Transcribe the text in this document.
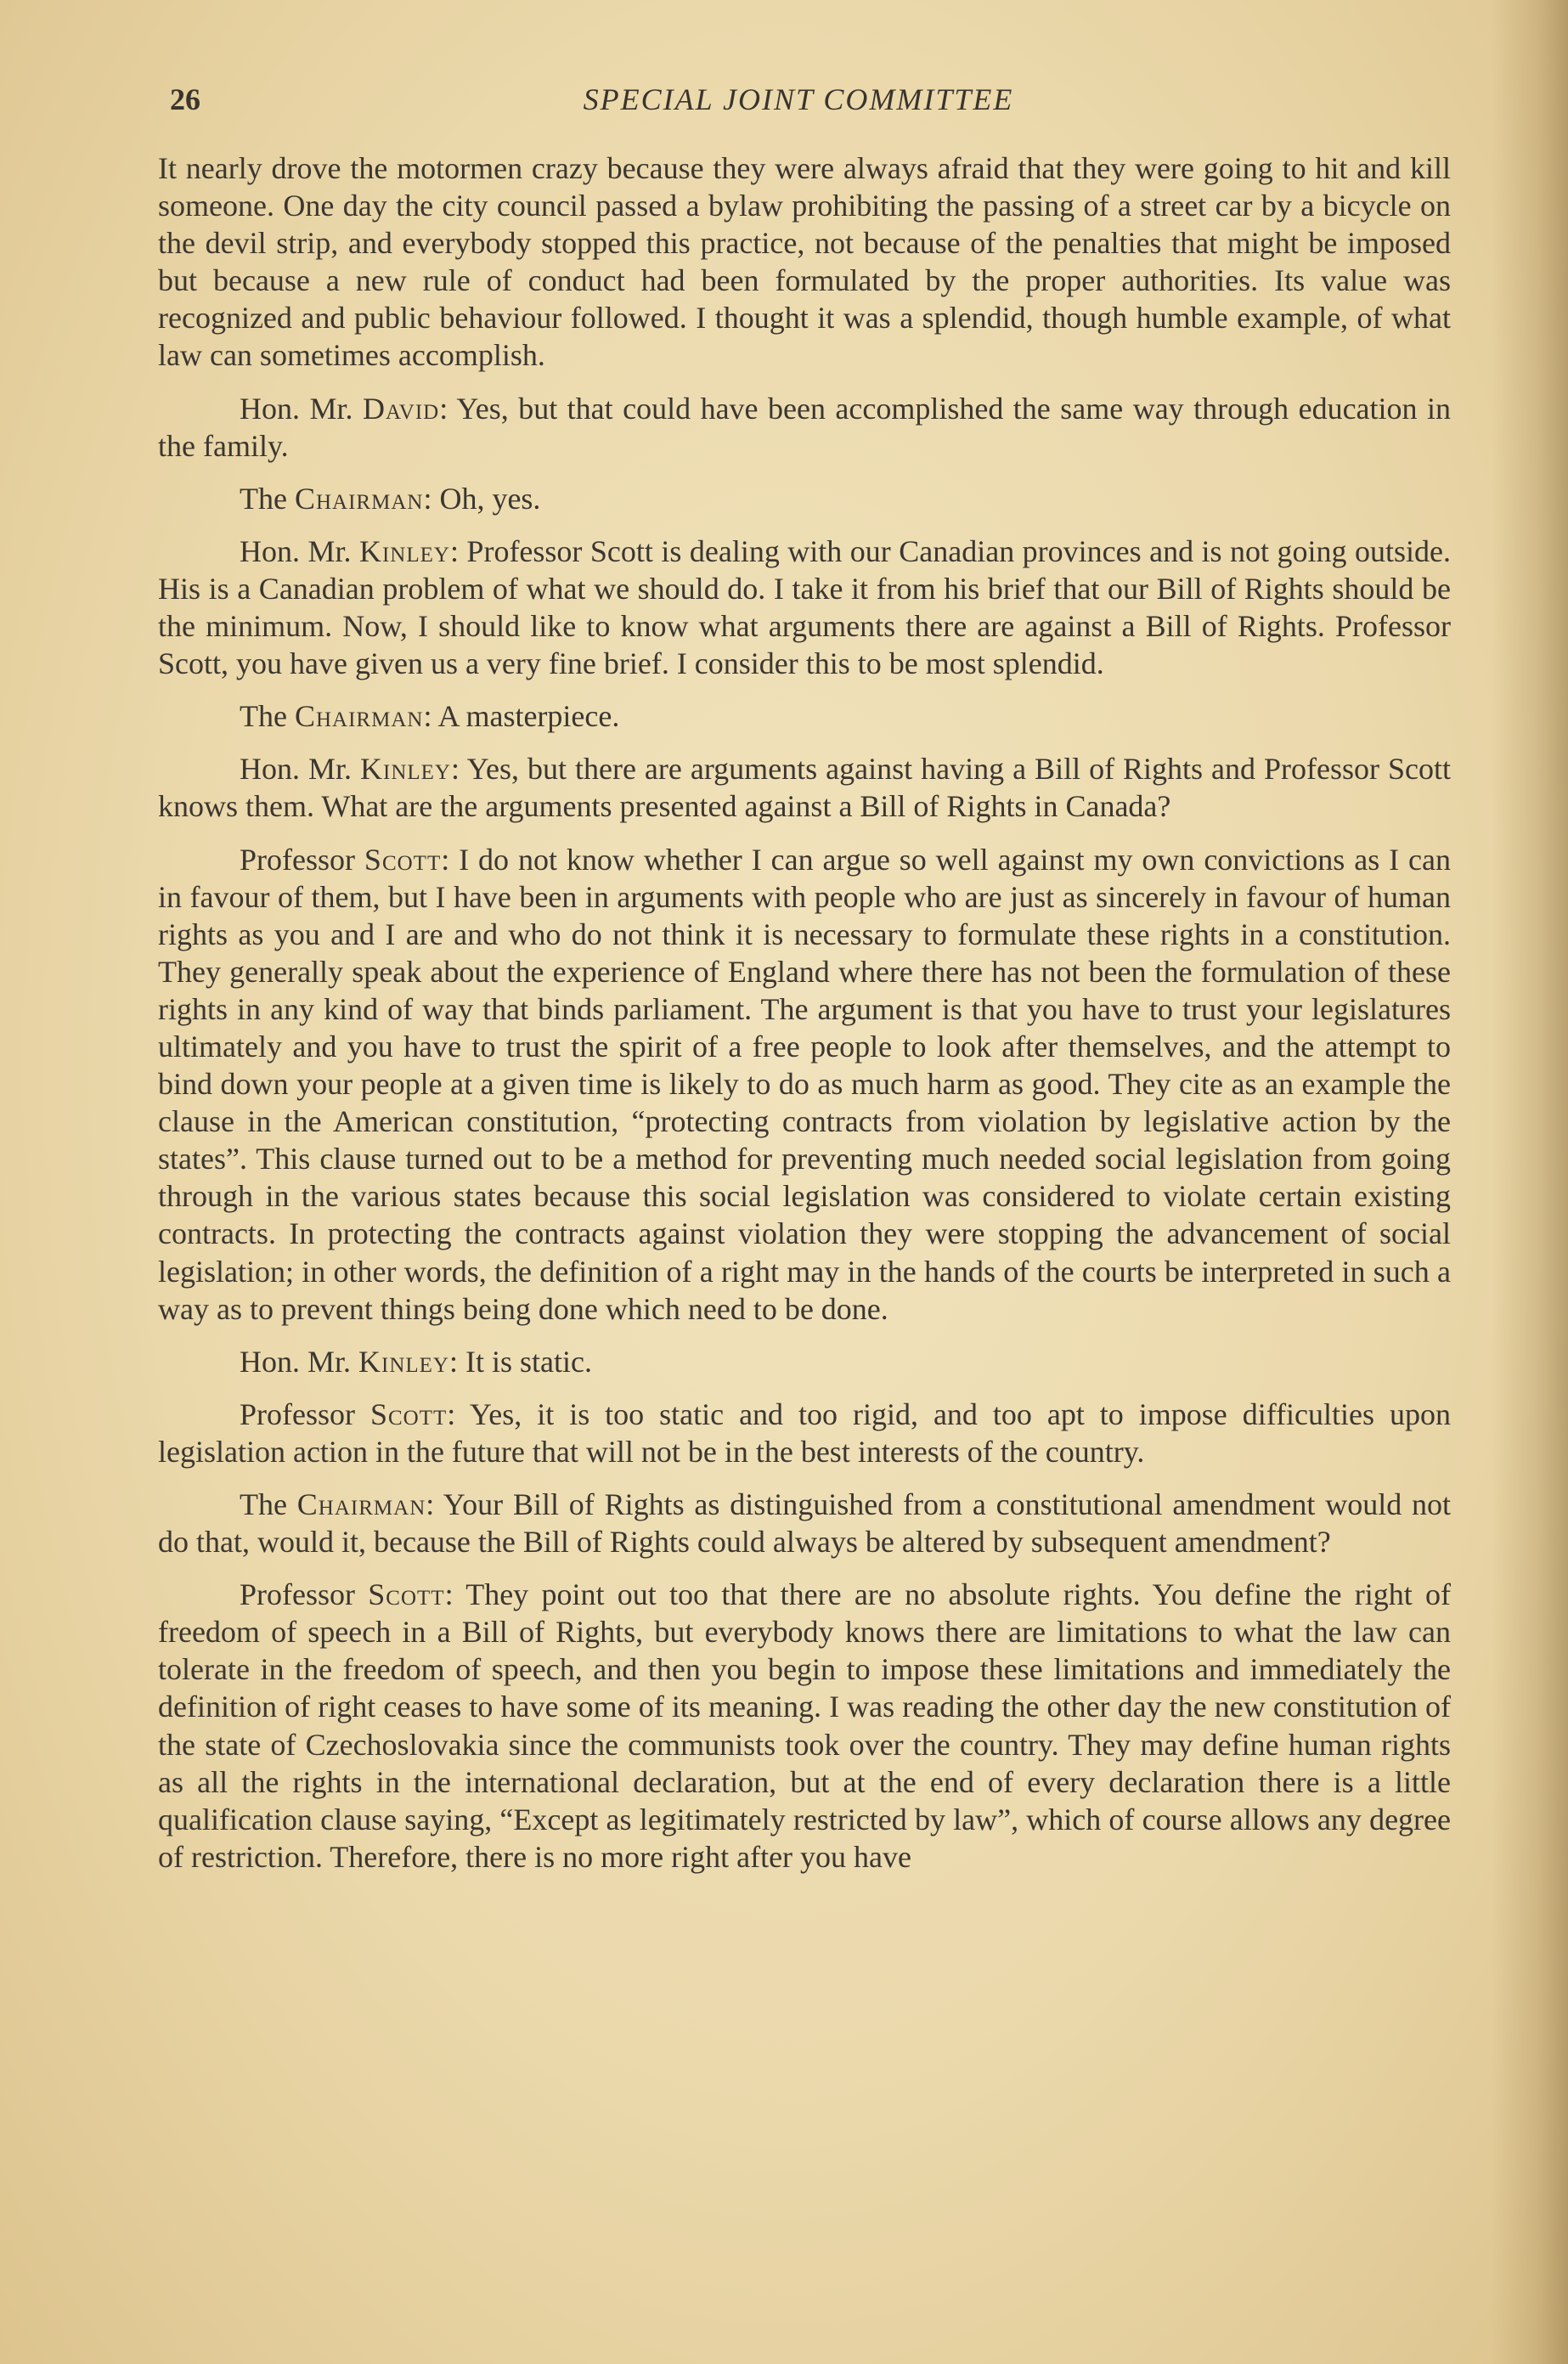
26	SPECIAL JOINT COMMITTEE

It nearly drove the motormen crazy because they were always afraid that they were going to hit and kill someone. One day the city council passed a bylaw prohibiting the passing of a street car by a bicycle on the devil strip, and everybody stopped this practice, not because of the penalties that might be imposed but because a new rule of conduct had been formulated by the proper authorities. Its value was recognized and public behaviour followed. I thought it was a splendid, though humble example, of what law can sometimes accomplish.

Hon. Mr. David: Yes, but that could have been accomplished the same way through education in the family.

The Chairman: Oh, yes.

Hon. Mr. Kinley: Professor Scott is dealing with our Canadian provinces and is not going outside. His is a Canadian problem of what we should do. I take it from his brief that our Bill of Rights should be the minimum. Now, I should like to know what arguments there are against a Bill of Rights. Professor Scott, you have given us a very fine brief. I consider this to be most splendid.

The Chairman: A masterpiece.

Hon. Mr. Kinley: Yes, but there are arguments against having a Bill of Rights and Professor Scott knows them. What are the arguments presented against a Bill of Rights in Canada?

Professor Scott: I do not know whether I can argue so well against my own convictions as I can in favour of them, but I have been in arguments with people who are just as sincerely in favour of human rights as you and I are and who do not think it is necessary to formulate these rights in a constitution. They generally speak about the experience of England where there has not been the formulation of these rights in any kind of way that binds parliament. The argument is that you have to trust your legislatures ultimately and you have to trust the spirit of a free people to look after themselves, and the attempt to bind down your people at a given time is likely to do as much harm as good. They cite as an example the clause in the American constitution, “protecting contracts from violation by legislative action by the states”. This clause turned out to be a method for preventing much needed social legislation from going through in the various states because this social legislation was considered to violate certain existing contracts. In protecting the contracts against violation they were stopping the advancement of social legislation; in other words, the definition of a right may in the hands of the courts be interpreted in such a way as to prevent things being done which need to be done.

Hon. Mr. Kinley: It is static.

Professor Scott: Yes, it is too static and too rigid, and too apt to impose difficulties upon legislation action in the future that will not be in the best interests of the country.

The Chairman: Your Bill of Rights as distinguished from a constitutional amendment would not do that, would it, because the Bill of Rights could always be altered by subsequent amendment?

Professor Scott: They point out too that there are no absolute rights. You define the right of freedom of speech in a Bill of Rights, but everybody knows there are limitations to what the law can tolerate in the freedom of speech, and then you begin to impose these limitations and immediately the definition of right ceases to have some of its meaning. I was reading the other day the new constitution of the state of Czechoslovakia since the communists took over the country. They may define human rights as all the rights in the international declaration, but at the end of every declaration there is a little qualification clause saying, “Except as legitimately restricted by law”, which of course allows any degree of restriction. Therefore, there is no more right after you have
